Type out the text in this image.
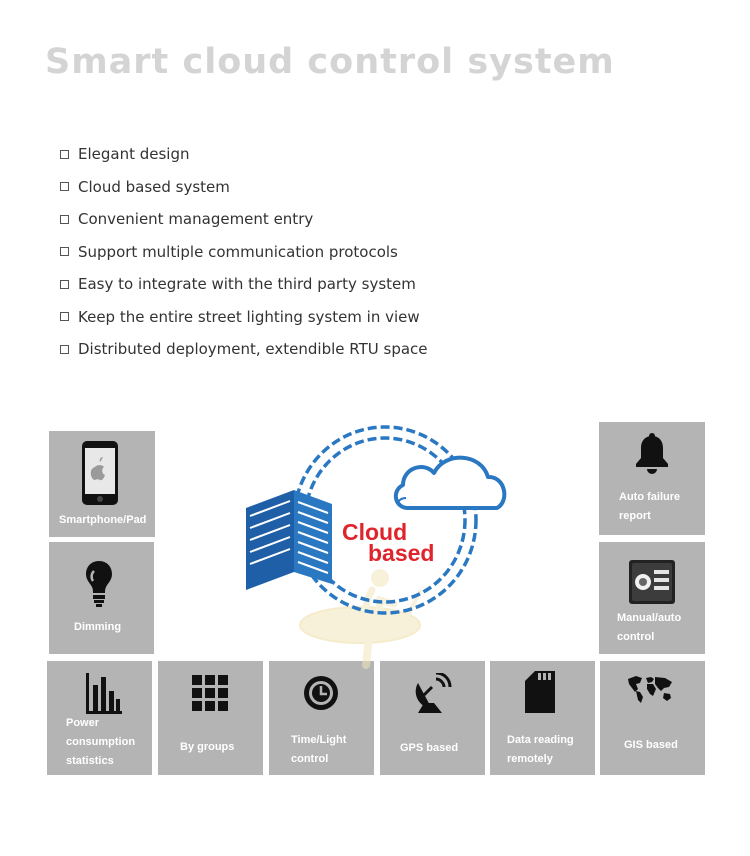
Smart cloud control system
Elegant design
Cloud based system
Convenient management entry
Support multiple communication protocols
Easy to integrate with the third party system
Keep the entire street lighting system in view
Distributed deployment, extendible RTU space
Smartphone/Pad
Dimming
Power
consumption
statistics
By groups
Time/Light
control
GPS based
Data reading
remotely
GIS based
Auto failure
report
Manual/auto
control
Cloud
based
